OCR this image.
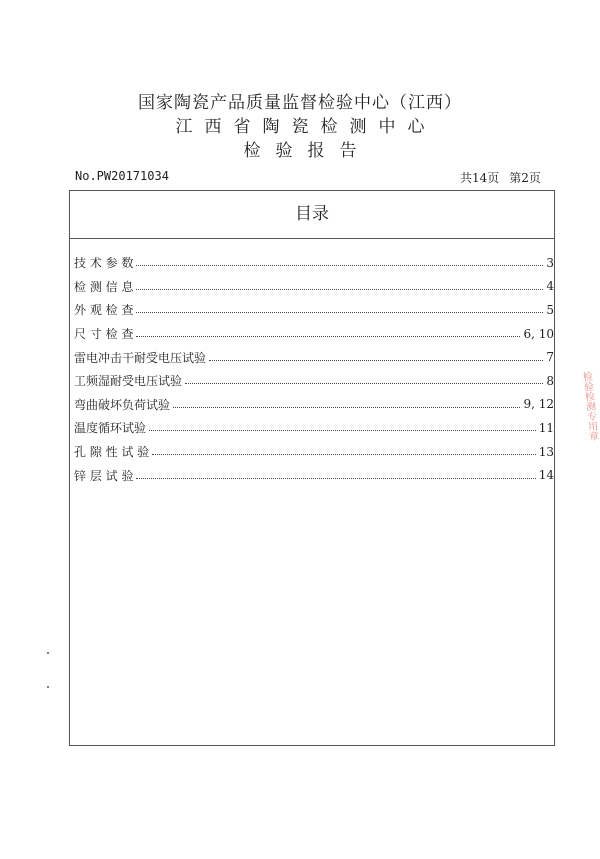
国家陶瓷产品质量监督检验中心（江西）
江西省陶瓷检测中心
检验报告
No.PW20171034	共14页 第2页
目录
技 术 参 数	3
检 测 信 息	4
外 观 检 查	5
尺 寸 检 查	6, 10
雷电冲击干耐受电压试验	7
工频湿耐受电压试验	8
弯曲破坏负荷试验	9, 12
温度循环试验	11
孔 隙 性 试 验	13
锌 层 试 验	14
检验检测专用章
